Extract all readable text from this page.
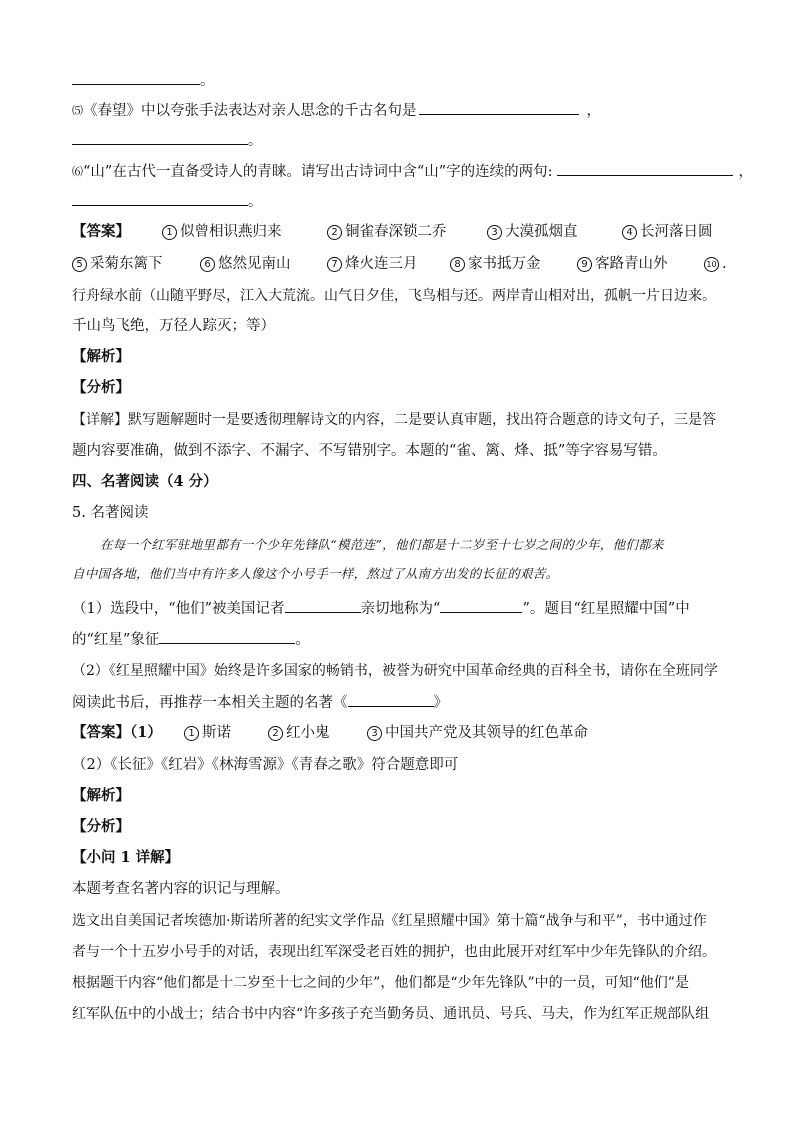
。
⑸《春望》中以夸张手法表达对亲人思念的千古名句是	，
。
⑹“山”在古代一直备受诗人的青睐。请写出古诗词中含“山”字的连续的两句:	，
。
【答案】	1 似曾相识燕归来	2 铜雀春深锁二乔	3 大漠孤烟直	4 长河落日圆
5 采菊东篱下	6 悠然见南山	7 烽火连三月	8 家书抵万金	9 客路青山外	10 .
行舟绿水前（山随平野尽，江入大荒流。山气日夕佳，飞鸟相与还。两岸青山相对出，孤帆一片日边来。
千山鸟飞绝，万径人踪灭；等）
【解析】
【分析】
【详解】默写题解题时一是要透彻理解诗文的内容，二是要认真审题，找出符合题意的诗文句子，三是答
题内容要准确，做到不添字、不漏字、不写错别字。本题的“雀、篱、烽、抵”等字容易写错。
四、名著阅读（4 分）
5. 名著阅读
在每一个红军驻地里都有一个少年先锋队“模范连”，他们都是十二岁至十七岁之间的少年，他们都来
自中国各地，他们当中有许多人像这个小号手一样，熬过了从南方出发的长征的艰苦。
（1）选段中，“他们”被美国记者	亲切地称为“	”。题目“红星照耀中国”中
的“红星”象征	。
（2）《红星照耀中国》始终是许多国家的畅销书，被誉为研究中国革命经典的百科全书，请你在全班同学
阅读此书后，再推荐一本相关主题的名著《	》
【答案】（1）	1 斯诺	2 红小鬼	3 中国共产党及其领导的红色革命
（2）《长征》《红岩》《林海雪源》《青春之歌》符合题意即可
【解析】
【分析】
【小问 1 详解】
本题考查名著内容的识记与理解。
选文出自美国记者埃德加·斯诺所著的纪实文学作品《红星照耀中国》第十篇“战争与和平”，书中通过作
者与一个十五岁小号手的对话，表现出红军深受老百姓的拥护，也由此展开对红军中少年先锋队的介绍。
根据题干内容“他们都是十二岁至十七之间的少年”，他们都是“少年先锋队”中的一员，可知“他们”是
红军队伍中的小战士；结合书中内容“许多孩子充当勤务员、通讯员、号兵、马夫，作为红军正规部队组
